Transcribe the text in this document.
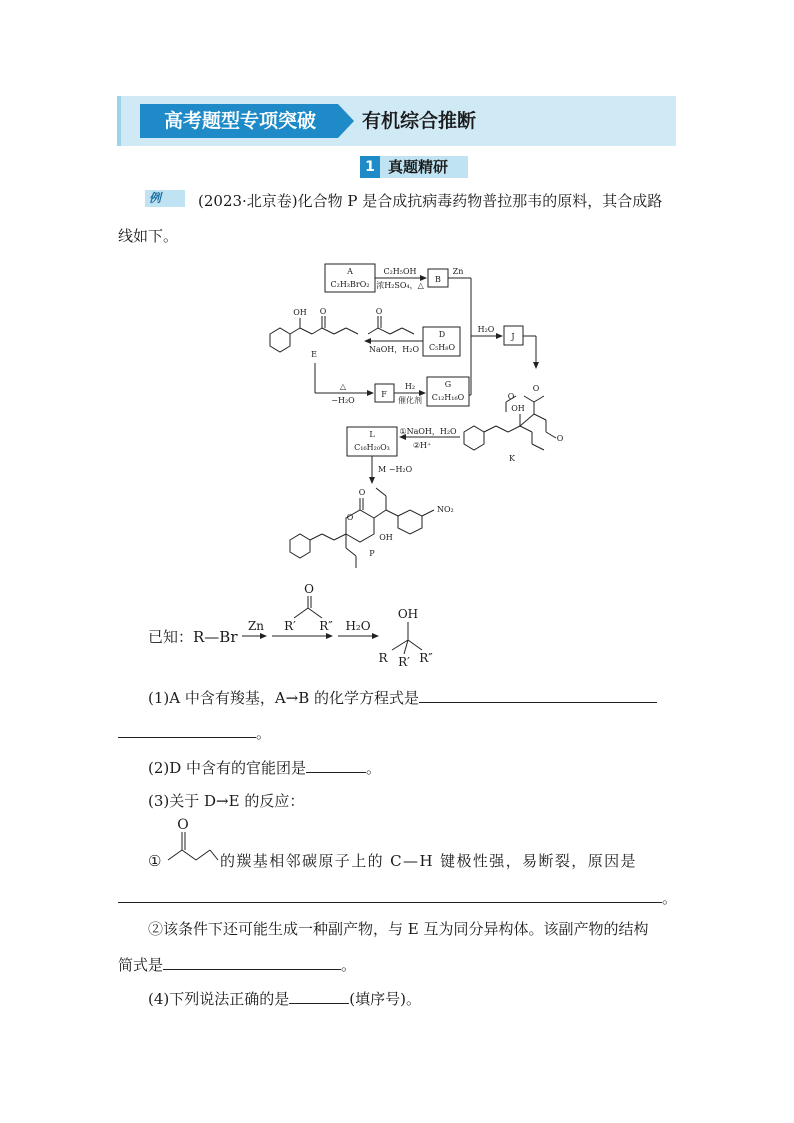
高考题型专项突破	有机综合推断
1 真题精研
例	(2023·北京卷)化合物 P 是合成抗病毒药物普拉那韦的原料，其合成路
线如下。
A
C₂H₃BrO₂
C₂H₅OH
浓H₂SO₄，△
B
Zn
D
C₅H₈O
NaOH，H₂O
OH O	O
H₂O
J
E
△
−H₂O
F
H₂
催化剂
G
C₁₂H₁₆O
L
C₁₆H₂₀O₃
①NaOH，H₂O
②H⁺
O
O
OH
O
K
M −H₂O
O
O
NO₂
OH
P
已知：R—Br
Zn
O
R′ R″ H₂O
OH
R R′ R″
(1)A 中含有羧基，A→B 的化学方程式是
。
(2)D 中含有的官能团是	。
(3)关于 D→E 的反应：
①
O
的羰基相邻碳原子上的 C—H 键极性强，易断裂，原因是
。
②该条件下还可能生成一种副产物，与 E 互为同分异构体。该副产物的结构
简式是	。
(4)下列说法正确的是	(填序号)。
